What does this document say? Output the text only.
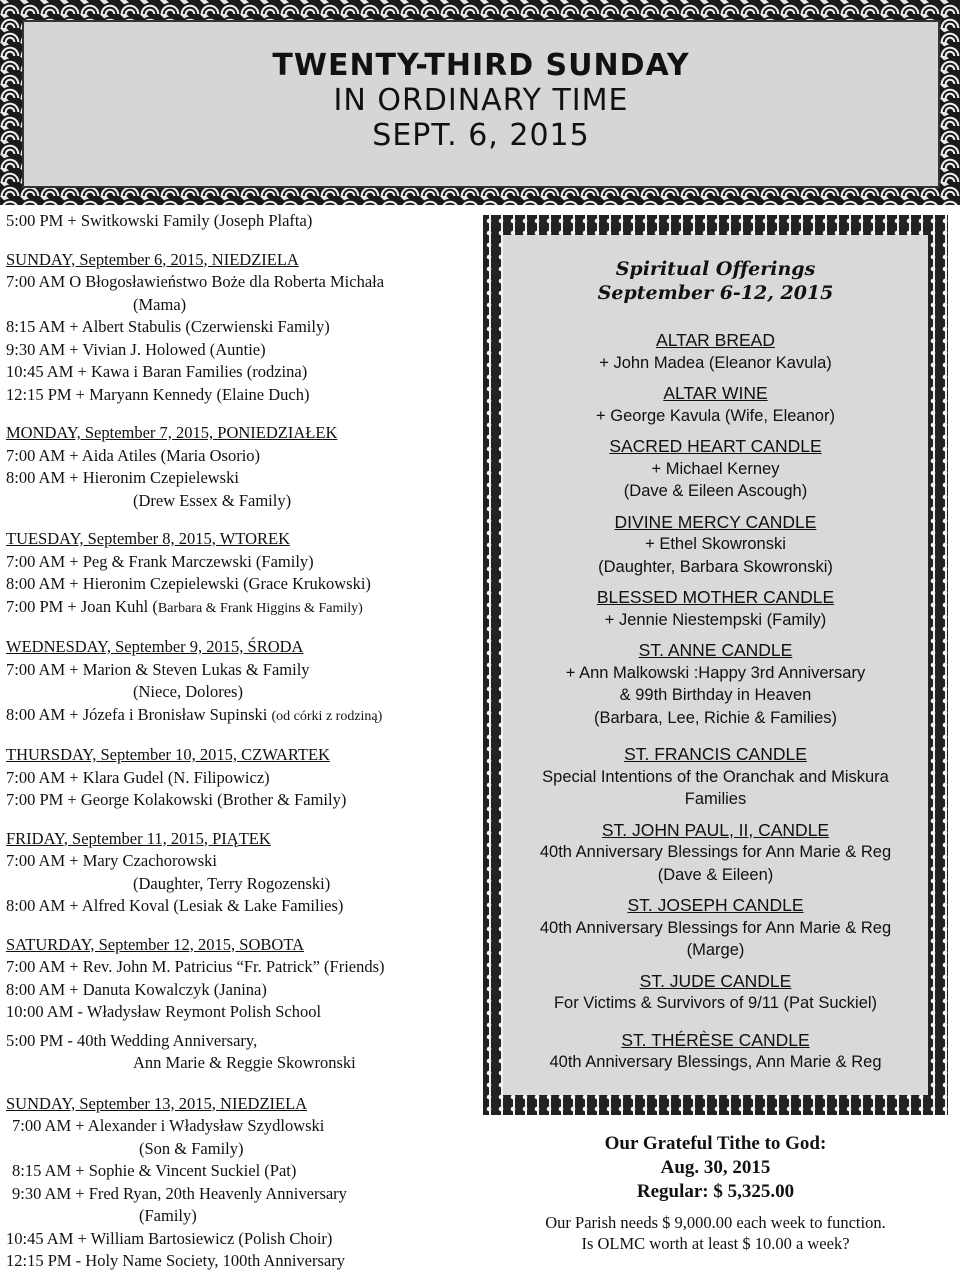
TWENTY-THIRD SUNDAY
IN ORDINARY TIME
SEPT. 6, 2015
5:00 PM + Switkowski Family (Joseph Plafta)
SUNDAY, September 6, 2015, NIEDZIELA
7:00 AM O Błogosławieństwo Boże dla Roberta Michała
(Mama)
8:15 AM + Albert Stabulis (Czerwienski Family)
9:30 AM + Vivian J. Holowed (Auntie)
10:45 AM + Kawa i Baran Families (rodzina)
12:15 PM + Maryann Kennedy (Elaine Duch)
MONDAY, September 7, 2015, PONIEDZIAŁEK
7:00 AM + Aida Atiles (Maria Osorio)
8:00 AM + Hieronim Czepielewski
(Drew Essex & Family)
TUESDAY, September 8, 2015, WTOREK
7:00 AM + Peg & Frank Marczewski (Family)
8:00 AM + Hieronim Czepielewski (Grace Krukowski)
7:00 PM + Joan Kuhl (Barbara & Frank Higgins & Family)
WEDNESDAY, September 9, 2015, ŚRODA
7:00 AM + Marion & Steven Lukas & Family
(Niece, Dolores)
8:00 AM + Józefa i Bronisław Supinski (od córki z rodziną)
THURSDAY, September 10, 2015, CZWARTEK
7:00 AM + Klara Gudel (N. Filipowicz)
7:00 PM + George Kolakowski (Brother & Family)
FRIDAY, September 11, 2015, PIĄTEK
7:00 AM + Mary Czachorowski
(Daughter, Terry Rogozenski)
8:00 AM + Alfred Koval (Lesiak & Lake Families)
SATURDAY, September 12, 2015, SOBOTA
7:00 AM + Rev. John M. Patricius “Fr. Patrick” (Friends)
8:00 AM + Danuta Kowalczyk (Janina)
10:00 AM - Władysław Reymont Polish School
5:00 PM - 40th Wedding Anniversary,
Ann Marie & Reggie Skowronski
SUNDAY, September 13, 2015, NIEDZIELA
7:00 AM + Alexander i Władysław Szydlowski
(Son & Family)
8:15 AM + Sophie & Vincent Suckiel (Pat)
9:30 AM + Fred Ryan, 20th Heavenly Anniversary
(Family)
10:45 AM + William Bartosiewicz (Polish Choir)
12:15 PM - Holy Name Society, 100th Anniversary
Spiritual Offerings
September 6-12, 2015
ALTAR BREAD
+ John Madea (Eleanor Kavula)
ALTAR WINE
+ George Kavula (Wife, Eleanor)
SACRED HEART CANDLE
+ Michael Kerney
(Dave & Eileen Ascough)
DIVINE MERCY CANDLE
+ Ethel Skowronski
(Daughter, Barbara Skowronski)
BLESSED MOTHER CANDLE
+ Jennie Niestempski (Family)
ST. ANNE CANDLE
+ Ann Malkowski :Happy 3rd Anniversary
& 99th Birthday in Heaven
(Barbara, Lee, Richie & Families)
ST. FRANCIS CANDLE
Special Intentions of the Oranchak and Miskura
Families
ST. JOHN PAUL, II, CANDLE
40th Anniversary Blessings for Ann Marie & Reg
(Dave & Eileen)
ST. JOSEPH CANDLE
40th Anniversary Blessings for Ann Marie & Reg
(Marge)
ST. JUDE CANDLE
For Victims & Survivors of 9/11 (Pat Suckiel)
ST. THÉRÈSE CANDLE
40th Anniversary Blessings, Ann Marie & Reg
Our Grateful Tithe to God:
Aug. 30, 2015
Regular: $ 5,325.00
Our Parish needs $ 9,000.00 each week to function.
Is OLMC worth at least $ 10.00 a week?
